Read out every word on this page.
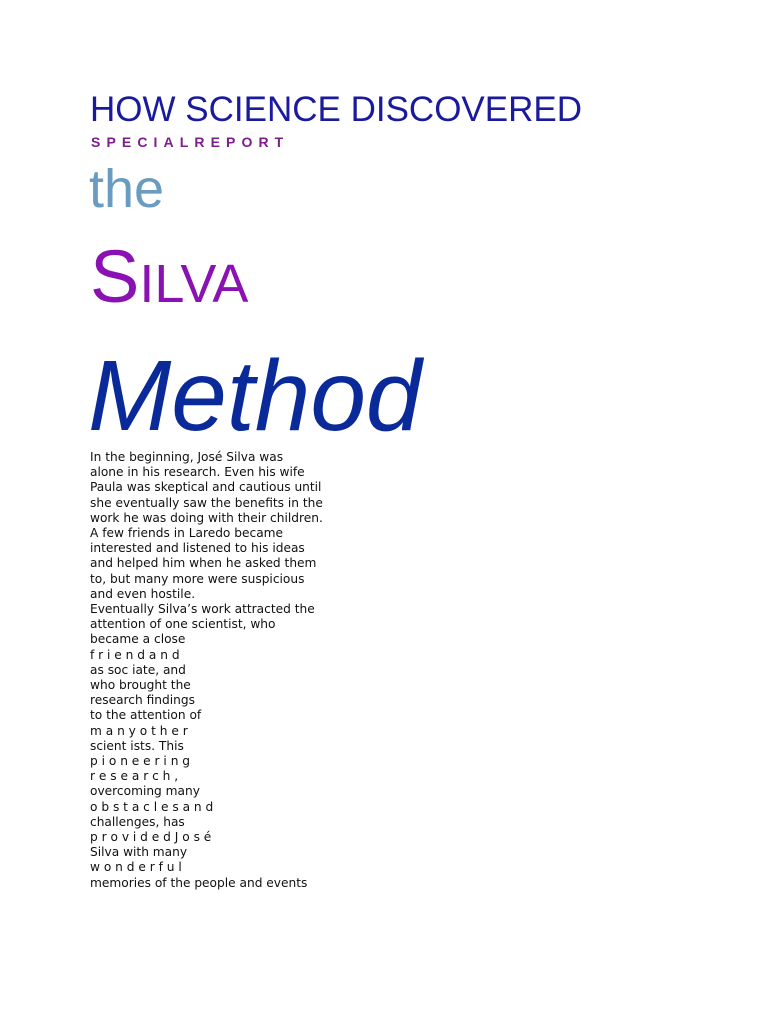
HOW SCIENCE DISCOVERED
SPECIALREPORT
the
SILVA
Method
In the beginning, José Silva was
alone in his research. Even his wife
Paula was skeptical and cautious until
she eventually saw the benefits in the
work he was doing with their children.
A few friends in Laredo became
interested and listened to his ideas
and helped him when he asked them
to, but many more were suspicious
and even hostile.
Eventually Silva’s work attracted the
attention of one scientist, who
became a close
f r i e n d a n d
as soc iate, and
who brought the
research findings
to the attention of
m a n y o t h e r
scient ists. This
p i o n e e r i n g
r e s e a r c h ,
overcoming many
o b s t a c l e s a n d
challenges, has
p r o v i d e d J o s é
Silva with many
w o n d e r f u l
memories of the people and events
